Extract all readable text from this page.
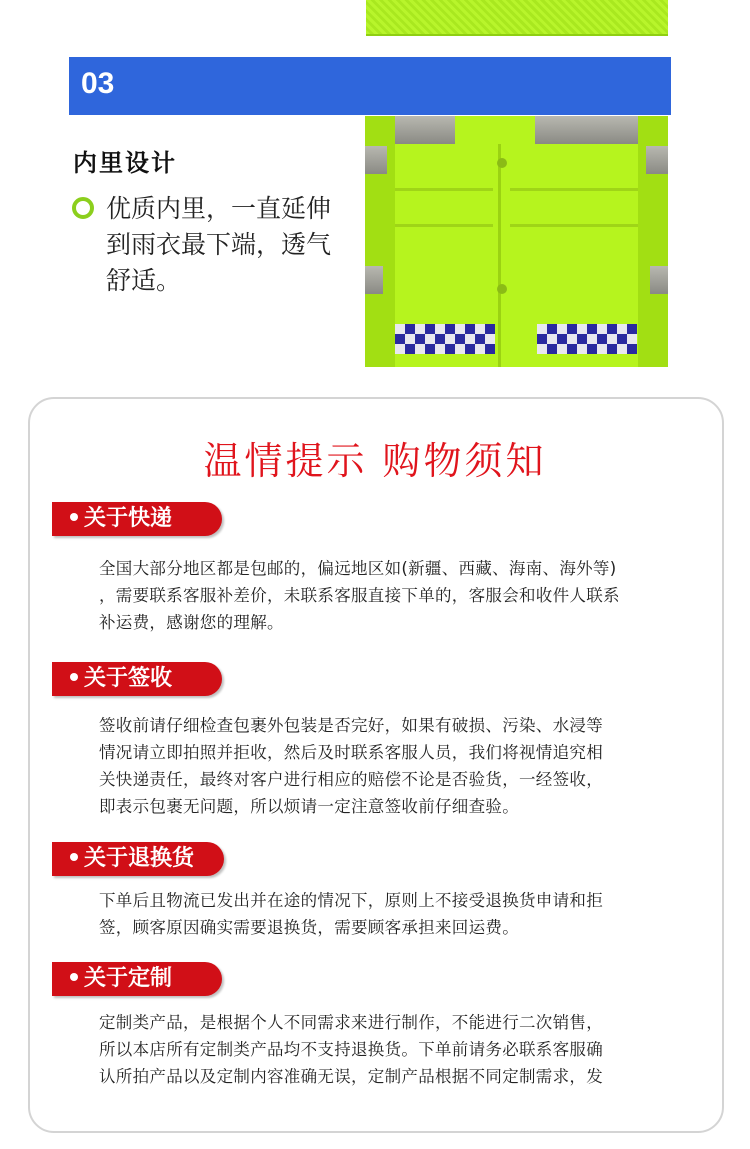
03
内里设计
优质内里，一直延伸
到雨衣最下端，透气
舒适。
温情提示 购物须知
关于快递
全国大部分地区都是包邮的，偏远地区如(新疆、西藏、海南、海外等)
，需要联系客服补差价，未联系客服直接下单的，客服会和收件人联系
补运费，感谢您的理解。
关于签收
签收前请仔细检查包裹外包装是否完好，如果有破损、污染、水浸等
情况请立即拍照并拒收，然后及时联系客服人员，我们将视情追究相
关快递责任，最终对客户进行相应的赔偿不论是否验货，一经签收，
即表示包裹无问题，所以烦请一定注意签收前仔细查验。
关于退换货
下单后且物流已发出并在途的情况下，原则上不接受退换货申请和拒
签，顾客原因确实需要退换货，需要顾客承担来回运费。
关于定制
定制类产品，是根据个人不同需求来进行制作，不能进行二次销售，
所以本店所有定制类产品均不支持退换货。下单前请务必联系客服确
认所拍产品以及定制内容准确无误，定制产品根据不同定制需求，发
